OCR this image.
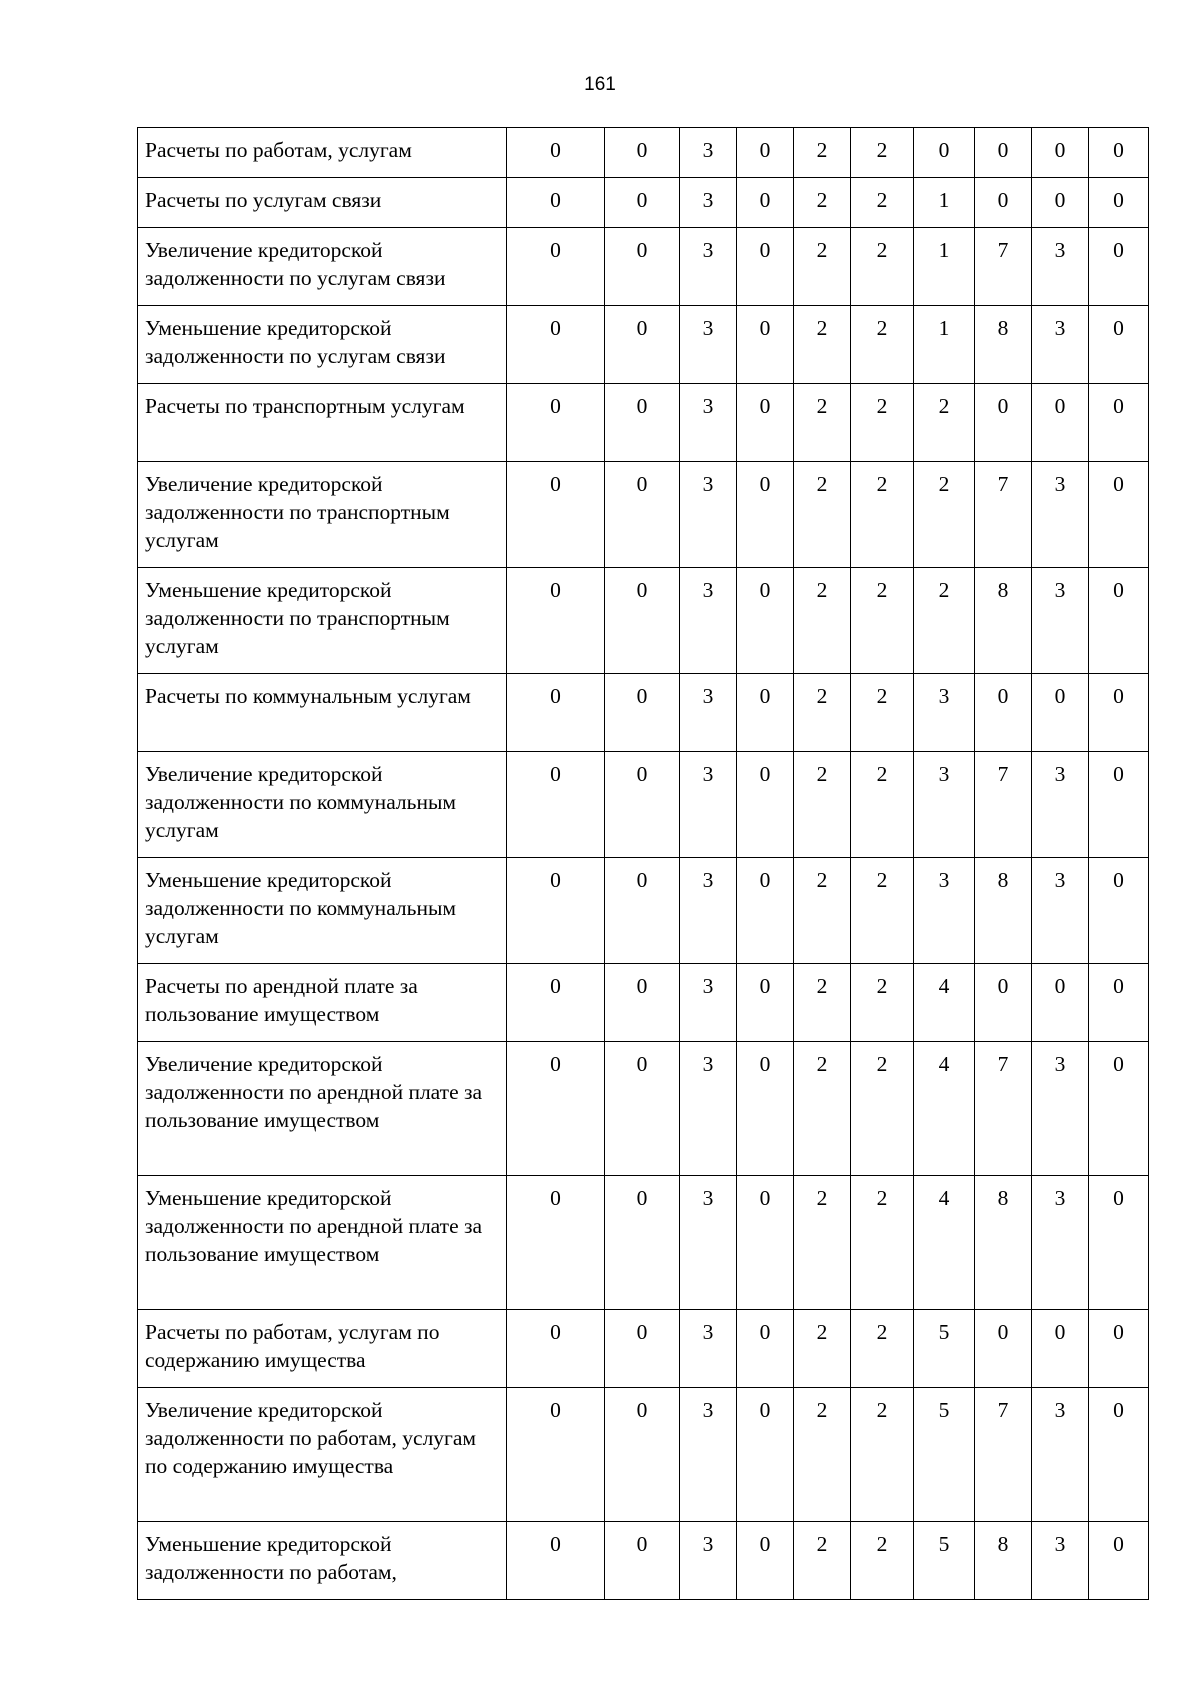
161
Расчеты по работам, услугам	0	0	3	0	2	2	0	0	0	0
Расчеты по услугам связи	0	0	3	0	2	2	1	0	0	0
Увеличение кредиторской задолженности по услугам связи	0	0	3	0	2	2	1	7	3	0
Уменьшение кредиторской задолженности по услугам связи	0	0	3	0	2	2	1	8	3	0
Расчеты по транспортным услугам	0	0	3	0	2	2	2	0	0	0
Увеличение кредиторской задолженности по транспортным услугам	0	0	3	0	2	2	2	7	3	0
Уменьшение кредиторской задолженности по транспортным услугам	0	0	3	0	2	2	2	8	3	0
Расчеты по коммунальным услугам	0	0	3	0	2	2	3	0	0	0
Увеличение кредиторской задолженности по коммунальным услугам	0	0	3	0	2	2	3	7	3	0
Уменьшение кредиторской задолженности по коммунальным услугам	0	0	3	0	2	2	3	8	3	0
Расчеты по арендной плате за пользование имуществом	0	0	3	0	2	2	4	0	0	0
Увеличение кредиторской задолженности по арендной плате за пользование имуществом	0	0	3	0	2	2	4	7	3	0
Уменьшение кредиторской задолженности по арендной плате за пользование имуществом	0	0	3	0	2	2	4	8	3	0
Расчеты по работам, услугам по содержанию имущества	0	0	3	0	2	2	5	0	0	0
Увеличение кредиторской задолженности по работам, услугам по содержанию имущества	0	0	3	0	2	2	5	7	3	0
Уменьшение кредиторской задолженности по работам,	0	0	3	0	2	2	5	8	3	0
